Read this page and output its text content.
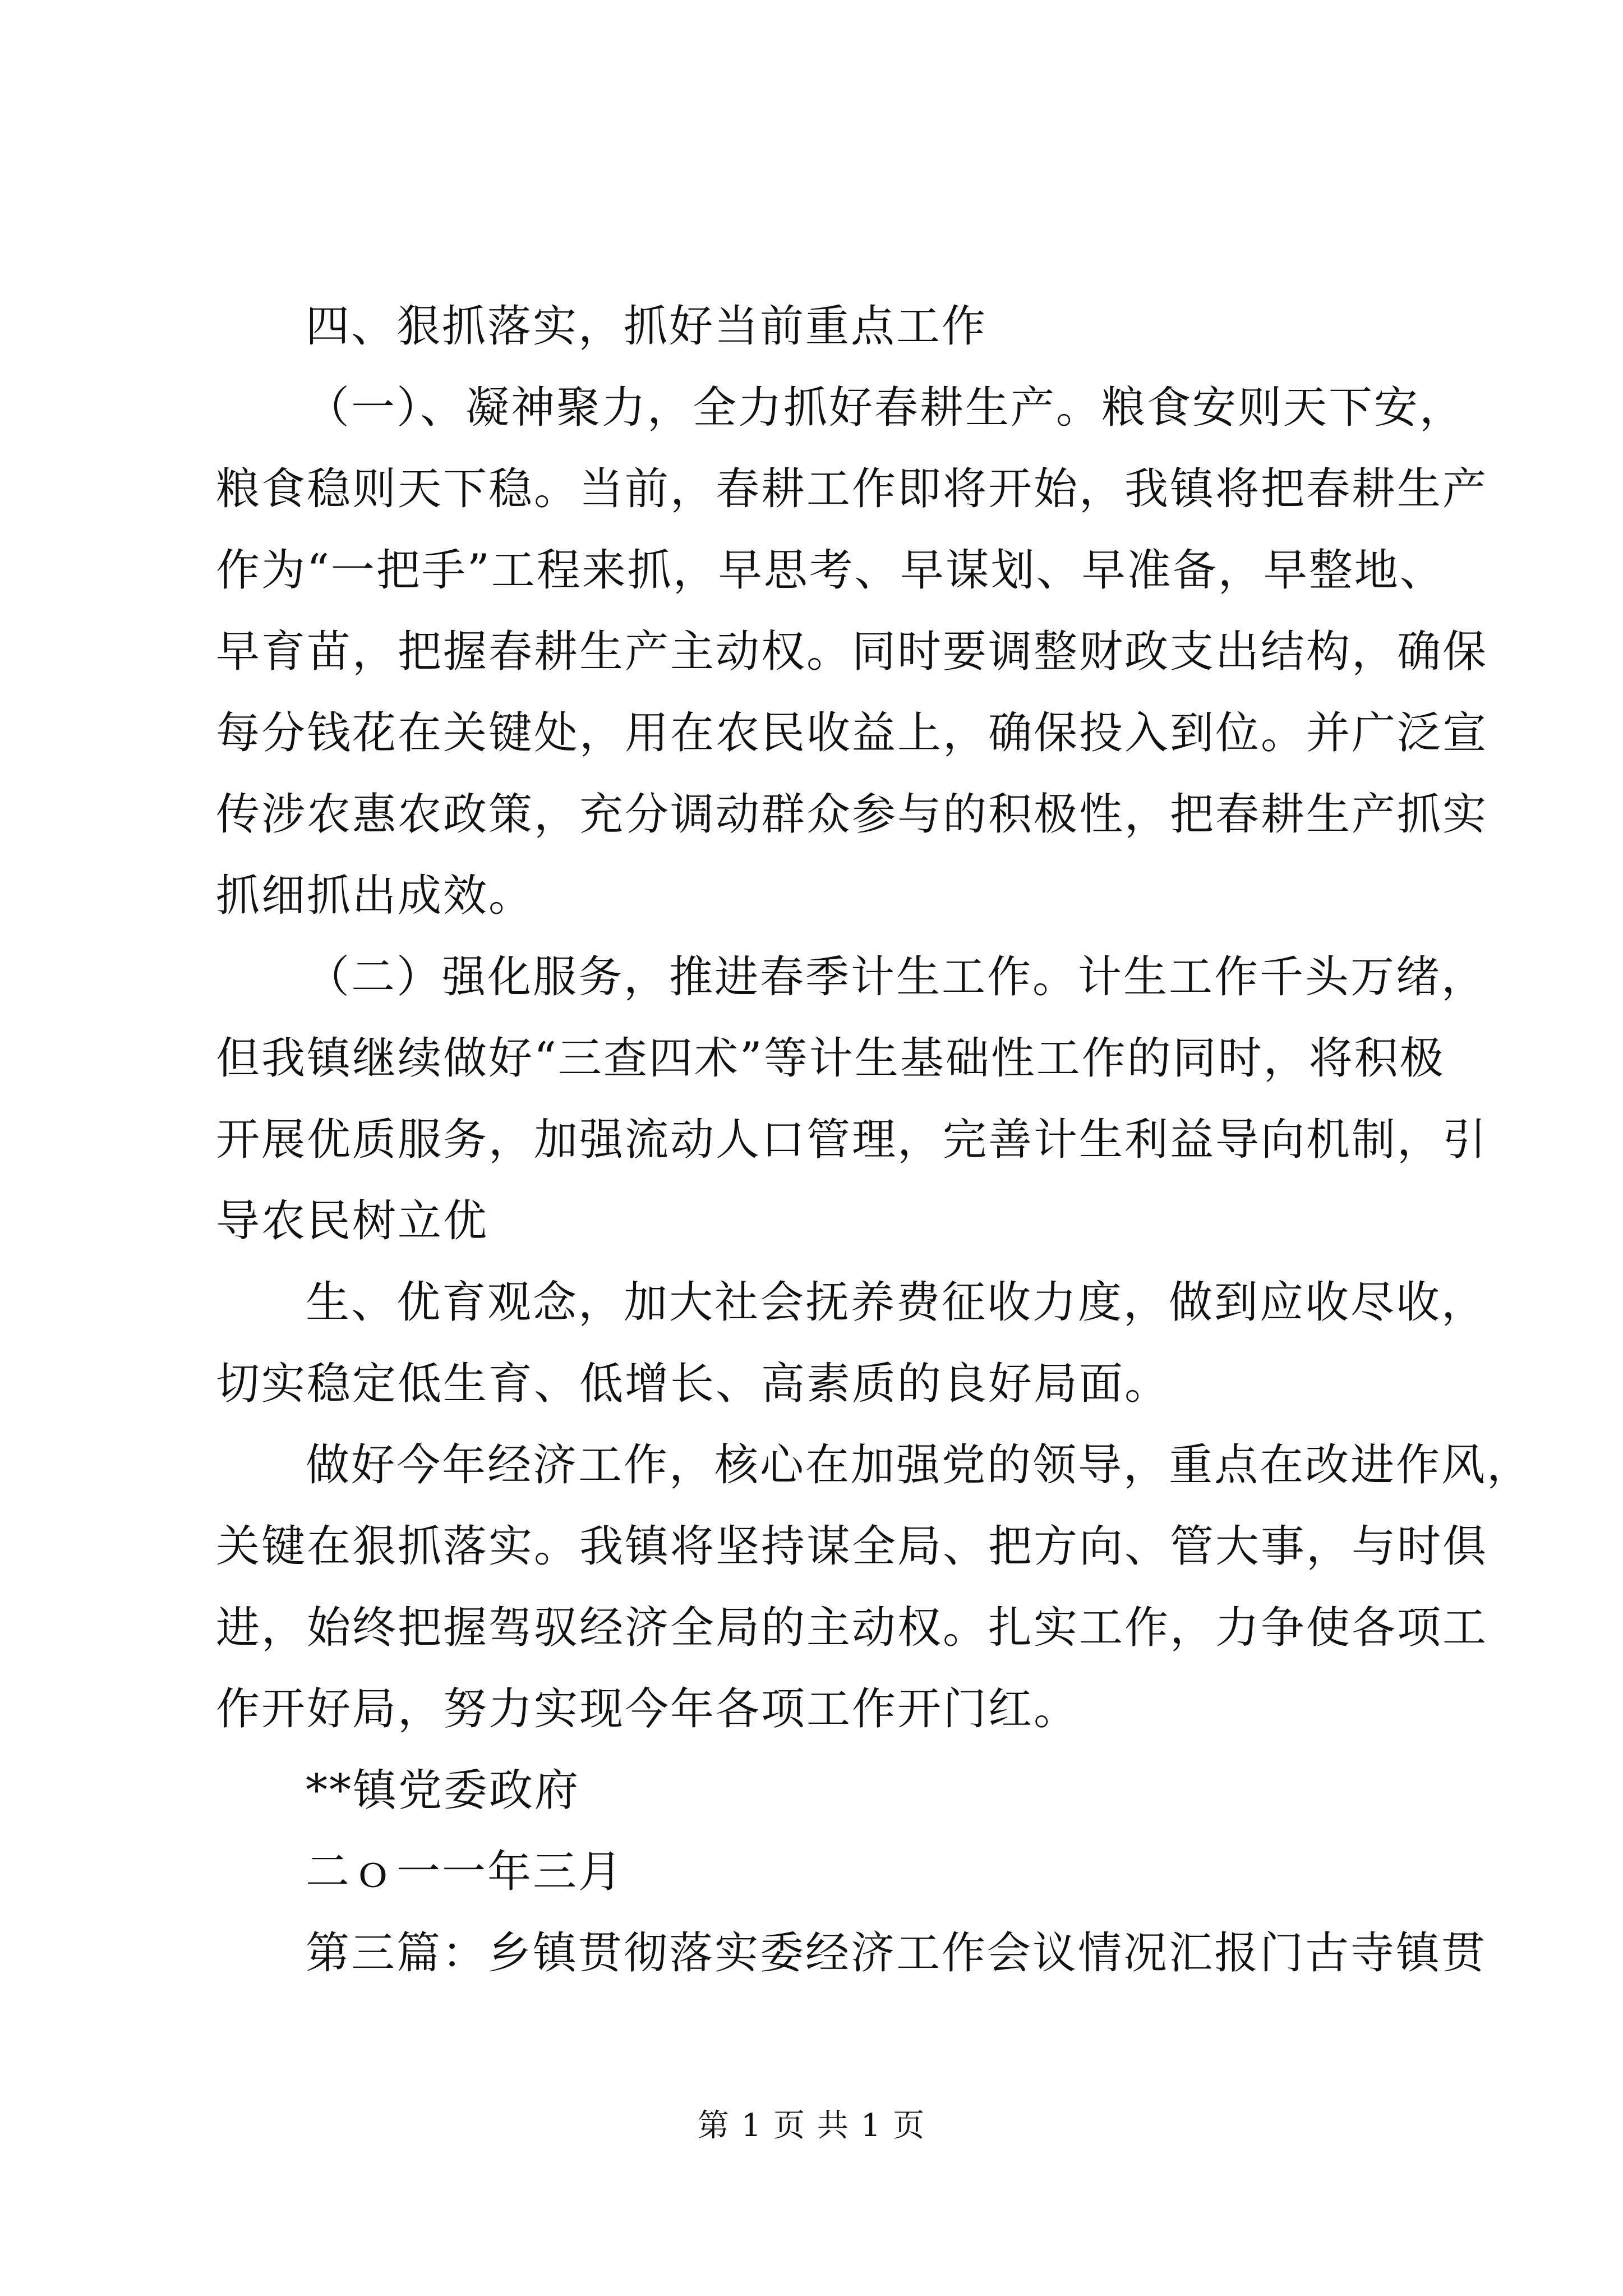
四、狠抓落实，抓好当前重点工作

（一）、凝神聚力，全力抓好春耕生产。粮食安则天下安，

粮食稳则天下稳。当前，春耕工作即将开始，我镇将把春耕生产

作为“一把手”工程来抓，早思考、早谋划、早准备，早整地、

早育苗，把握春耕生产主动权。同时要调整财政支出结构，确保

每分钱花在关键处，用在农民收益上，确保投入到位。并广泛宣

传涉农惠农政策，充分调动群众参与的积极性，把春耕生产抓实

抓细抓出成效。

（二）强化服务，推进春季计生工作。计生工作千头万绪，

但我镇继续做好“三查四术”等计生基础性工作的同时，将积极

开展优质服务，加强流动人口管理，完善计生利益导向机制，引

导农民树立优

生、优育观念，加大社会抚养费征收力度，做到应收尽收，

切实稳定低生育、低增长、高素质的良好局面。

做好今年经济工作，核心在加强党的领导，重点在改进作风，

关键在狠抓落实。我镇将坚持谋全局、把方向、管大事，与时俱

进，始终把握驾驭经济全局的主动权。扎实工作，力争使各项工

作开好局，努力实现今年各项工作开门红。

**镇党委政府

二ｏ一一年三月

第三篇：乡镇贯彻落实委经济工作会议情况汇报门古寺镇贯

第 1 页 共 1 页
